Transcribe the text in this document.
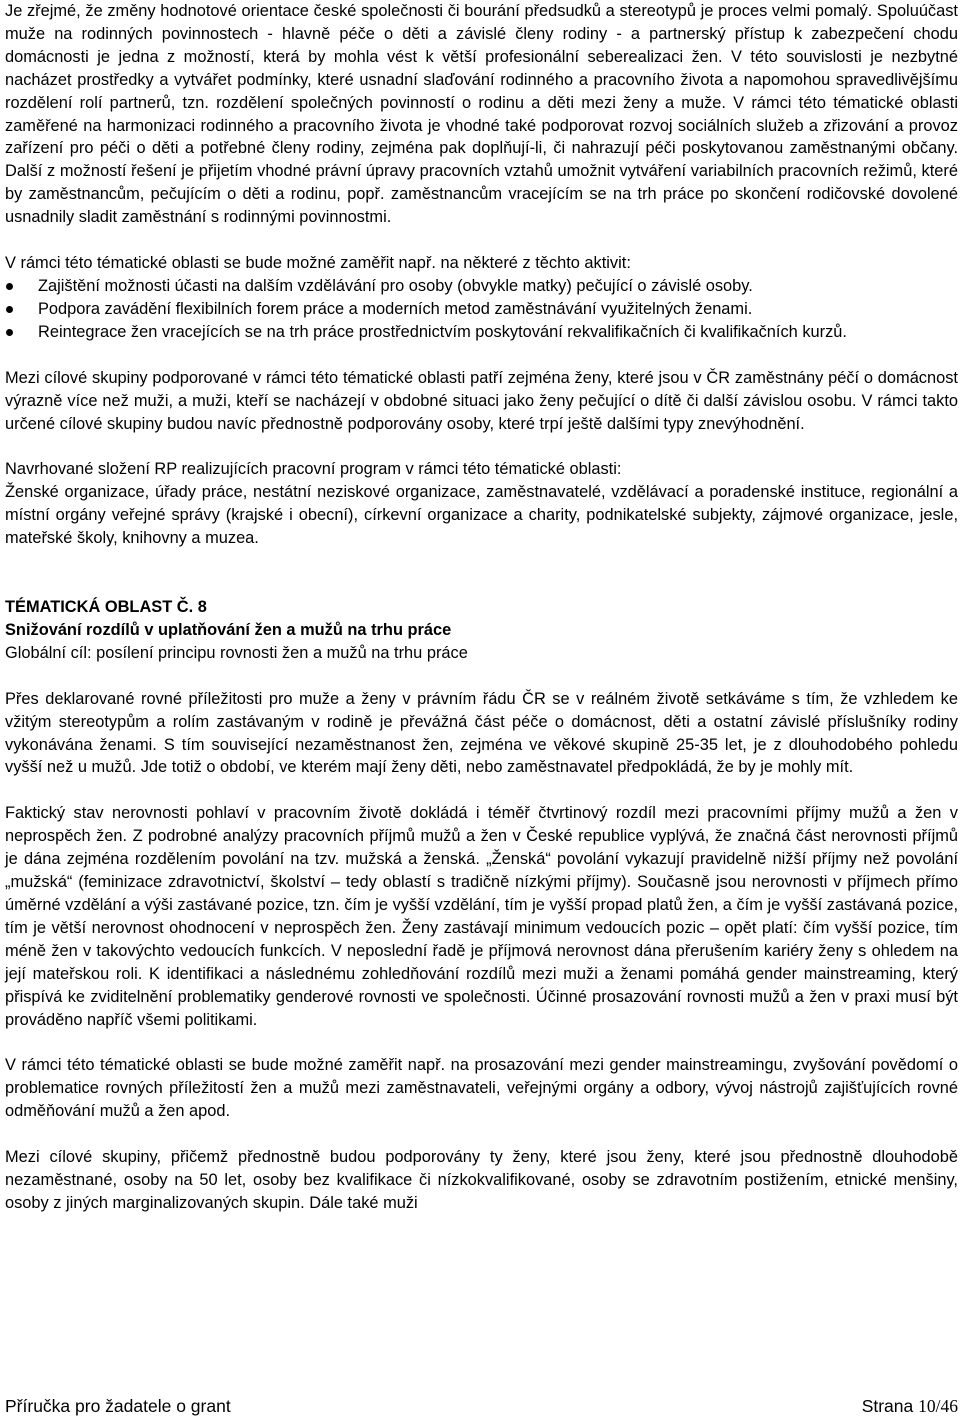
Je zřejmé, že změny hodnotové orientace české společnosti či bourání předsudků a stereotypů je proces velmi pomalý. Spoluúčast muže na rodinných povinnostech - hlavně péče o děti a závislé členy rodiny - a partnerský přístup k zabezpečení chodu domácnosti je jedna z možností, která by mohla vést k větší profesionální seberealizaci žen. V této souvislosti je nezbytné nacházet prostředky a vytvářet podmínky, které usnadní slaďování rodinného a pracovního života a napomohou spravedlivějšímu rozdělení rolí partnerů, tzn. rozdělení společných povinností o rodinu a děti mezi ženy a muže. V rámci této tématické oblasti zaměřené na harmonizaci rodinného a pracovního života je vhodné také podporovat rozvoj sociálních služeb a zřizování a provoz zařízení pro péči o děti a potřebné členy rodiny, zejména pak doplňují-li, či nahrazují péči poskytovanou zaměstnanými občany. Další z možností řešení je přijetím vhodné právní úpravy pracovních vztahů umožnit vytváření variabilních pracovních režimů, které by zaměstnancům, pečujícím o děti a rodinu, popř. zaměstnancům vracejícím se na trh práce po skončení rodičovské dovolené usnadnily sladit zaměstnání s rodinnými povinnostmi.

V rámci této tématické oblasti se bude možné zaměřit např. na některé z těchto aktivit:

Zajištění možnosti účasti na dalším vzdělávání pro osoby (obvykle matky) pečující o závislé osoby.
Podpora zavádění flexibilních forem práce a moderních metod zaměstnávání využitelných ženami.
Reintegrace žen vracejících se na trh práce prostřednictvím poskytování rekvalifikačních či kvalifikačních kurzů.

Mezi cílové skupiny podporované v rámci této tématické oblasti patří zejména ženy, které jsou v ČR zaměstnány péčí o domácnost výrazně více než muži, a muži, kteří se nacházejí v obdobné situaci jako ženy pečující o dítě či další závislou osobu. V rámci takto určené cílové skupiny budou navíc přednostně podporovány osoby, které trpí ještě dalšími typy znevýhodnění.

Navrhované složení RP realizujících pracovní program v rámci této tématické oblasti:

Ženské organizace, úřady práce, nestátní neziskové organizace, zaměstnavatelé, vzdělávací a poradenské instituce, regionální a místní orgány veřejné správy (krajské i obecní), církevní organizace a charity, podnikatelské subjekty, zájmové organizace, jesle, mateřské školy, knihovny a muzea.

TÉMATICKÁ OBLAST Č. 8

Snižování rozdílů v uplatňování žen a mužů na trhu práce

Globální cíl: posílení principu rovnosti žen a mužů na trhu práce

Přes deklarované rovné příležitosti pro muže a ženy v právním řádu ČR se v reálném životě setkáváme s tím, že vzhledem ke vžitým stereotypům a rolím zastávaným v rodině je převážná část péče o domácnost, děti a ostatní závislé příslušníky rodiny vykonávána ženami. S tím související nezaměstnanost žen, zejména ve věkové skupině 25-35 let, je z dlouhodobého pohledu vyšší než u mužů. Jde totiž o období, ve kterém mají ženy děti, nebo zaměstnavatel předpokládá, že by je mohly mít.

Faktický stav nerovnosti pohlaví v pracovním životě dokládá i téměř čtvrtinový rozdíl mezi pracovními příjmy mužů a žen v neprospěch žen. Z podrobné analýzy pracovních příjmů mužů a žen v České republice vyplývá, že značná část nerovnosti příjmů je dána zejména rozdělením povolání na tzv. mužská a ženská. „Ženská“ povolání vykazují pravidelně nižší příjmy než povolání „mužská“ (feminizace zdravotnictví, školství – tedy oblastí s tradičně nízkými příjmy). Současně jsou nerovnosti v příjmech přímo úměrné vzdělání a výši zastávané pozice, tzn. čím je vyšší vzdělání, tím je vyšší propad platů žen, a čím je vyšší zastávaná pozice, tím je větší nerovnost ohodnocení v neprospěch žen. Ženy zastávají minimum vedoucích pozic – opět platí: čím vyšší pozice, tím méně žen v takovýchto vedoucích funkcích. V neposlední řadě je příjmová nerovnost dána přerušením kariéry ženy s ohledem na její mateřskou roli. K identifikaci a následnému zohledňování rozdílů mezi muži a ženami pomáhá gender mainstreaming, který přispívá ke zviditelnění problematiky genderové rovnosti ve společnosti. Účinné prosazování rovnosti mužů a žen v praxi musí být prováděno napříč všemi politikami.

V rámci této tématické oblasti se bude možné zaměřit např. na prosazování mezi gender mainstreamingu, zvyšování povědomí o problematice rovných příležitostí žen a mužů mezi zaměstnavateli, veřejnými orgány a odbory, vývoj nástrojů zajišťujících rovné odměňování mužů a žen apod.

Mezi cílové skupiny, přičemž přednostně budou podporovány ty ženy, které jsou ženy, které jsou přednostně dlouhodobě nezaměstnané, osoby na 50 let, osoby bez kvalifikace či nízkokvalifikované, osoby se zdravotním postižením, etnické menšiny, osoby z jiných marginalizovaných skupin. Dále také muži

Příručka pro žadatele o grant	Strana 10/46
